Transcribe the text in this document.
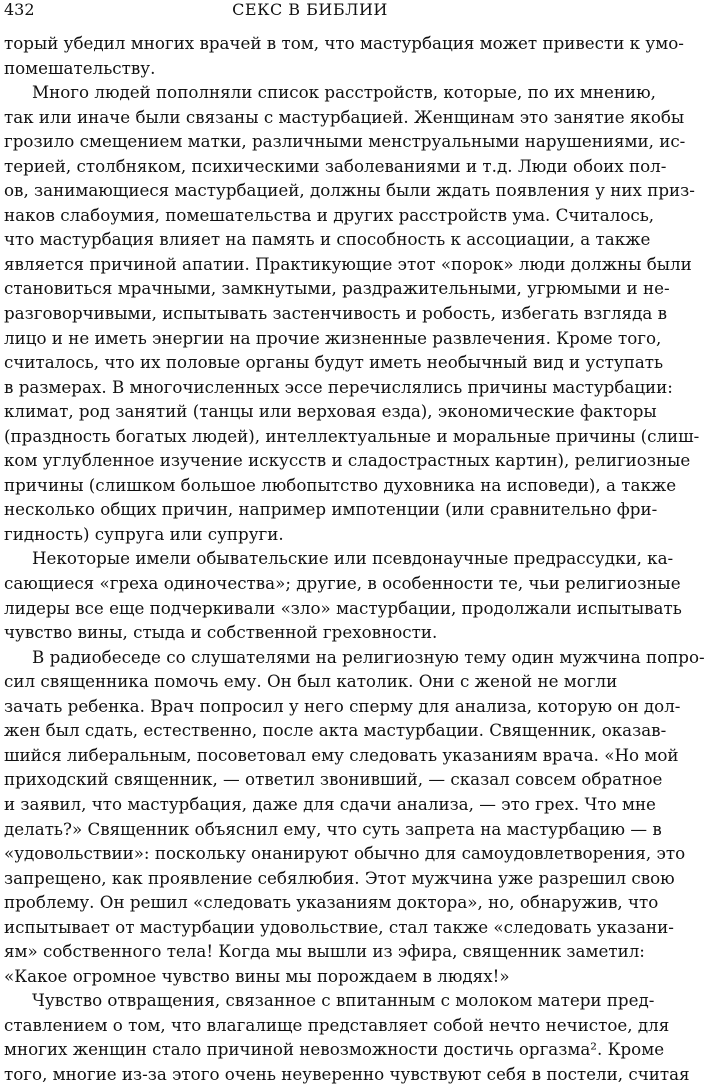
432	СЕКС В БИБЛИИ
торый убедил многих врачей в том, что мастурбация может привести к умо-
помешательству.
Много людей пополняли список расстройств, которые, по их мнению,
так или иначе были связаны с мастурбацией. Женщинам это занятие якобы
грозило смещением матки, различными менструальными нарушениями, ис-
терией, столбняком, психическими заболеваниями и т.д. Люди обоих пол-
ов, занимающиеся мастурбацией, должны были ждать появления у них приз-
наков слабоумия, помешательства и других расстройств ума. Считалось,
что мастурбация влияет на память и способность к ассоциации, а также
является причиной апатии. Практикующие этот «порок» люди должны были
становиться мрачными, замкнутыми, раздражительными, угрюмыми и не-
разговорчивыми, испытывать застенчивость и робость, избегать взгляда в
лицо и не иметь энергии на прочие жизненные развлечения. Кроме того,
считалось, что их половые органы будут иметь необычный вид и уступать
в размерах. В многочисленных эссе перечислялись причины мастурбации:
климат, род занятий (танцы или верховая езда), экономические факторы
(праздность богатых людей), интеллектуальные и моральные причины (слиш-
ком углубленное изучение искусств и сладострастных картин), религиозные
причины (слишком большое любопытство духовника на исповеди), а также
несколько общих причин, например импотенции (или сравнительно фри-
гидность) супруга или супруги.
Некоторые имели обывательские или псевдонаучные предрассудки, ка-
сающиеся «греха одиночества»; другие, в особенности те, чьи религиозные
лидеры все еще подчеркивали «зло» мастурбации, продолжали испытывать
чувство вины, стыда и собственной греховности.
В радиобеседе со слушателями на религиозную тему один мужчина попро-
сил священника помочь ему. Он был католик. Они с женой не могли
зачать ребенка. Врач попросил у него сперму для анализа, которую он дол-
жен был сдать, естественно, после акта мастурбации. Священник, оказав-
шийся либеральным, посоветовал ему следовать указаниям врача. «Но мой
приходский священник, — ответил звонивший, — сказал совсем обратное
и заявил, что мастурбация, даже для сдачи анализа, — это грех. Что мне
делать?» Священник объяснил ему, что суть запрета на мастурбацию — в
«удовольствии»: поскольку онанируют обычно для самоудовлетворения, это
запрещено, как проявление себялюбия. Этот мужчина уже разрешил свою
проблему. Он решил «следовать указаниям доктора», но, обнаружив, что
испытывает от мастурбации удовольствие, стал также «следовать указани-
ям» собственного тела! Когда мы вышли из эфира, священник заметил:
«Какое огромное чувство вины мы порождаем в людях!»
Чувство отвращения, связанное с впитанным с молоком матери пред-
ставлением о том, что влагалище представляет собой нечто нечистое, для
многих женщин стало причиной невозможности достичь оргазма². Кроме
того, многие из-за этого очень неуверенно чувствуют себя в постели, считая
